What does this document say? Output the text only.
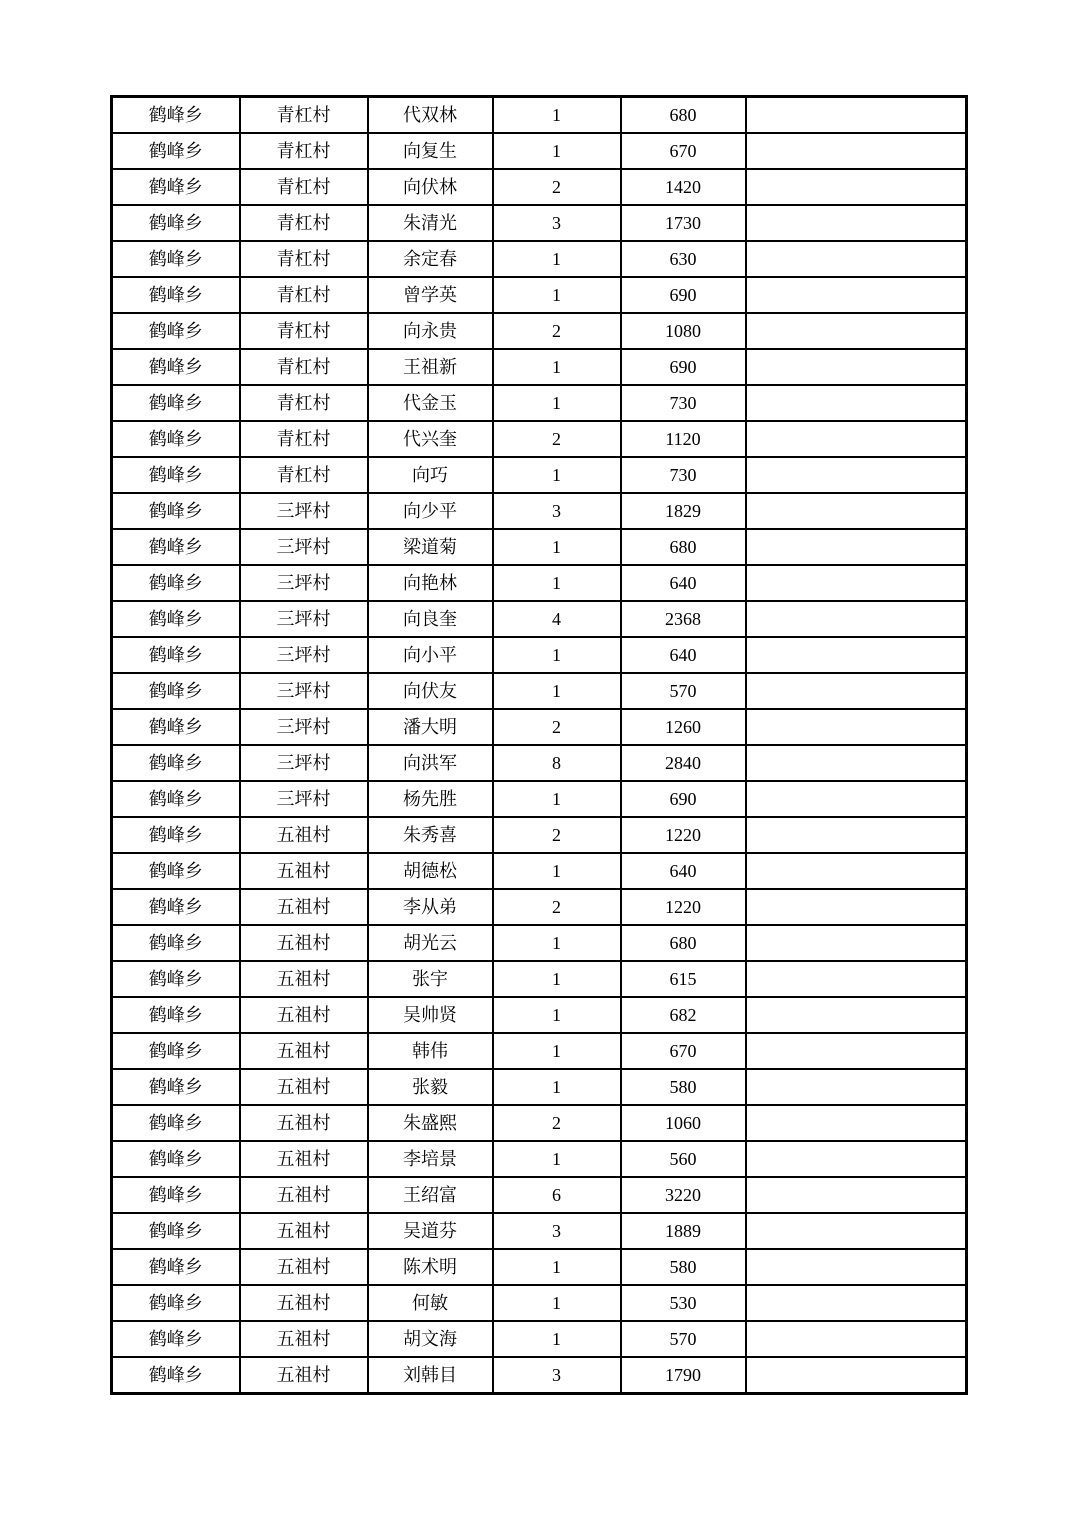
鹤峰乡	青杠村	代双林	1	680	
鹤峰乡	青杠村	向复生	1	670	
鹤峰乡	青杠村	向伏林	2	1420	
鹤峰乡	青杠村	朱清光	3	1730	
鹤峰乡	青杠村	余定春	1	630	
鹤峰乡	青杠村	曾学英	1	690	
鹤峰乡	青杠村	向永贵	2	1080	
鹤峰乡	青杠村	王祖新	1	690	
鹤峰乡	青杠村	代金玉	1	730	
鹤峰乡	青杠村	代兴奎	2	1120	
鹤峰乡	青杠村	向巧	1	730	
鹤峰乡	三坪村	向少平	3	1829	
鹤峰乡	三坪村	梁道菊	1	680	
鹤峰乡	三坪村	向艳林	1	640	
鹤峰乡	三坪村	向良奎	4	2368	
鹤峰乡	三坪村	向小平	1	640	
鹤峰乡	三坪村	向伏友	1	570	
鹤峰乡	三坪村	潘大明	2	1260	
鹤峰乡	三坪村	向洪军	8	2840	
鹤峰乡	三坪村	杨先胜	1	690	
鹤峰乡	五祖村	朱秀喜	2	1220	
鹤峰乡	五祖村	胡德松	1	640	
鹤峰乡	五祖村	李从弟	2	1220	
鹤峰乡	五祖村	胡光云	1	680	
鹤峰乡	五祖村	张宇	1	615	
鹤峰乡	五祖村	吴帅贤	1	682	
鹤峰乡	五祖村	韩伟	1	670	
鹤峰乡	五祖村	张毅	1	580	
鹤峰乡	五祖村	朱盛熙	2	1060	
鹤峰乡	五祖村	李培景	1	560	
鹤峰乡	五祖村	王绍富	6	3220	
鹤峰乡	五祖村	吴道芬	3	1889	
鹤峰乡	五祖村	陈术明	1	580	
鹤峰乡	五祖村	何敏	1	530	
鹤峰乡	五祖村	胡文海	1	570	
鹤峰乡	五祖村	刘韩目	3	1790	
